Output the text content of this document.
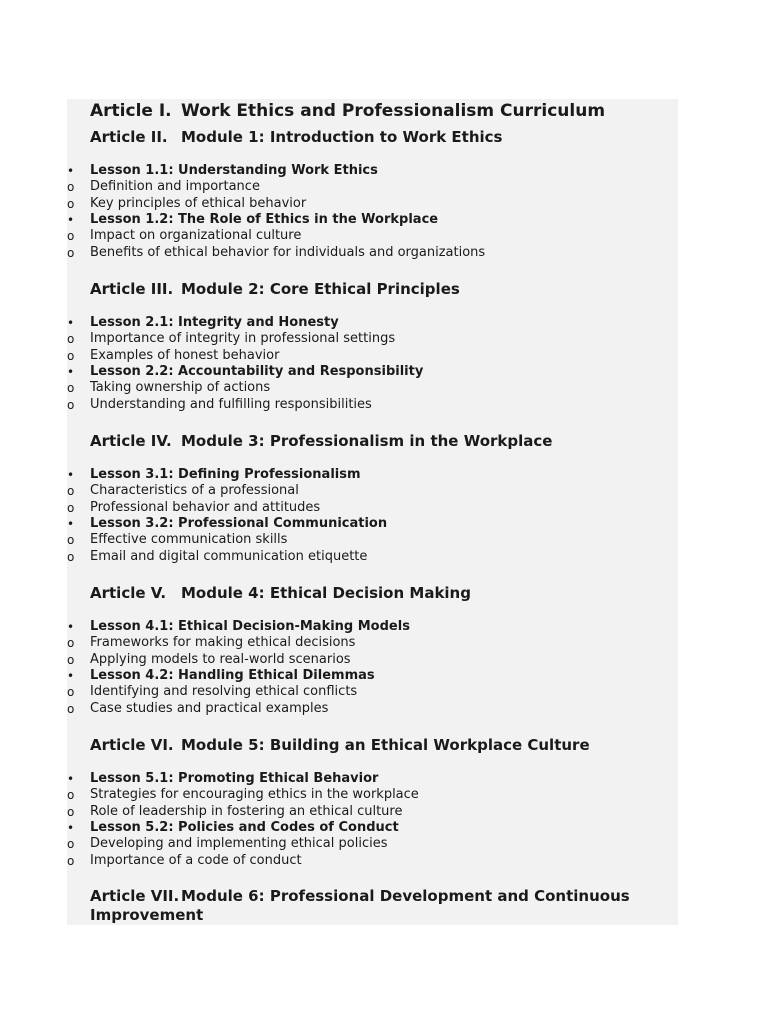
Article I. Work Ethics and Professionalism Curriculum
Article II. Module 1: Introduction to Work Ethics
•	Lesson 1.1: Understanding Work Ethics
o	Definition and importance
o	Key principles of ethical behavior
•	Lesson 1.2: The Role of Ethics in the Workplace
o	Impact on organizational culture
o	Benefits of ethical behavior for individuals and organizations
Article III. Module 2: Core Ethical Principles
•	Lesson 2.1: Integrity and Honesty
o	Importance of integrity in professional settings
o	Examples of honest behavior
•	Lesson 2.2: Accountability and Responsibility
o	Taking ownership of actions
o	Understanding and fulfilling responsibilities
Article IV. Module 3: Professionalism in the Workplace
•	Lesson 3.1: Defining Professionalism
o	Characteristics of a professional
o	Professional behavior and attitudes
•	Lesson 3.2: Professional Communication
o	Effective communication skills
o	Email and digital communication etiquette
Article V. Module 4: Ethical Decision Making
•	Lesson 4.1: Ethical Decision-Making Models
o	Frameworks for making ethical decisions
o	Applying models to real-world scenarios
•	Lesson 4.2: Handling Ethical Dilemmas
o	Identifying and resolving ethical conflicts
o	Case studies and practical examples
Article VI. Module 5: Building an Ethical Workplace Culture
•	Lesson 5.1: Promoting Ethical Behavior
o	Strategies for encouraging ethics in the workplace
o	Role of leadership in fostering an ethical culture
•	Lesson 5.2: Policies and Codes of Conduct
o	Developing and implementing ethical policies
o	Importance of a code of conduct
Article VII. Module 6: Professional Development and Continuous Improvement
